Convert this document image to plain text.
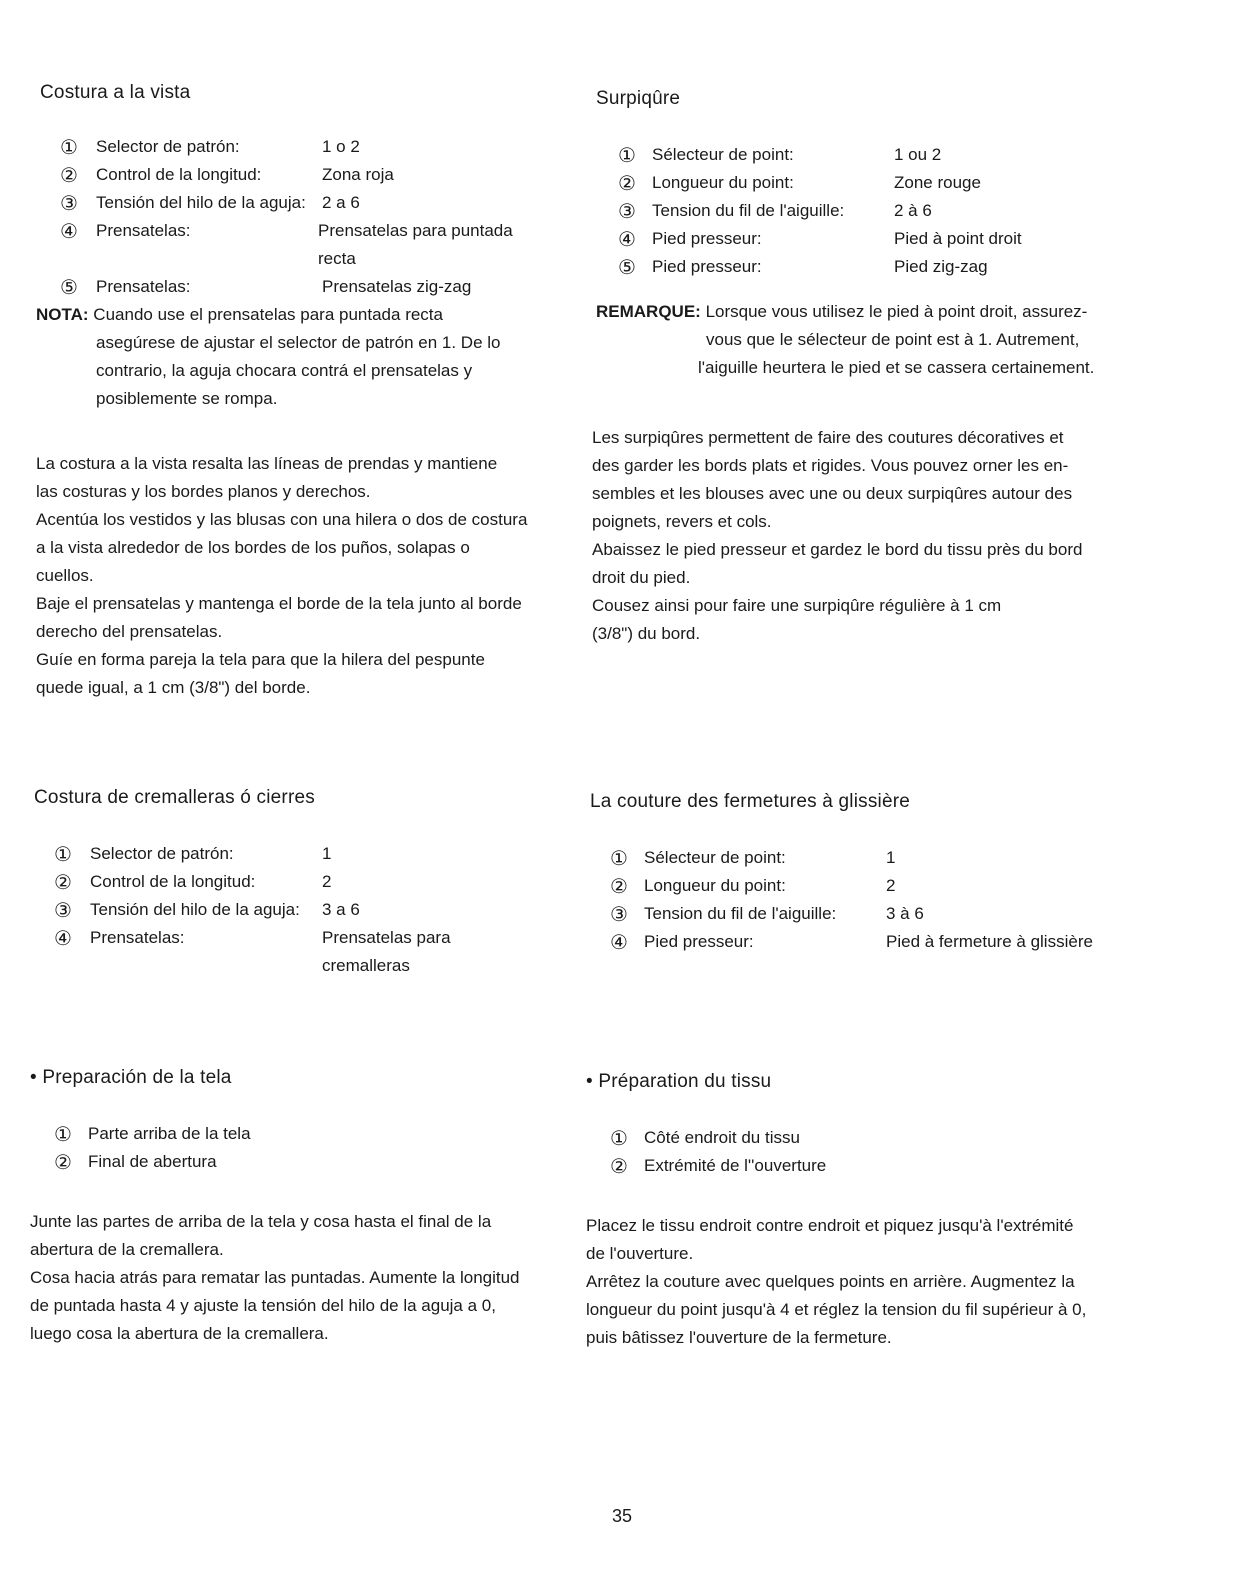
Costura a la vista
①	Selector de patrón:	1 o 2
②	Control de la longitud:	Zona roja
③	Tensión del hilo de la aguja: 2 a 6
④	Prensatelas:	Prensatelas para puntada
recta
⑤	Prensatelas:	Prensatelas zig-zag
NOTA: Cuando use el prensatelas para puntada recta
asegúrese de ajustar el selector de patrón en 1. De lo
contrario, la aguja chocara contrá el prensatelas y
posiblemente se rompa.

La costura a la vista resalta las líneas de prendas y mantiene

las costuras y los bordes planos y derechos.

Acentúa los vestidos y las blusas con una hilera o dos de costura

a la vista alrededor de los bordes de los puños, solapas o

cuellos.

Baje el prensatelas y mantenga el borde de la tela junto al borde

derecho del prensatelas.

Guíe en forma pareja la tela para que la hilera del pespunte

quede igual, a 1 cm (3/8") del borde.

Surpiqûre
① Sélecteur de point:	1 ou 2
② Longueur du point:	Zone rouge
③ Tension du fil de l'aiguille:	2 à 6
④ Pied presseur:	Pied à point droit
⑤ Pied presseur:	Pied zig-zag
REMARQUE: Lorsque vous utilisez le pied à point droit, assurez-
vous que le sélecteur de point est à 1. Autrement,
l'aiguille heurtera le pied et se cassera certainement.

Les surpiqûres permettent de faire des coutures décoratives et

des garder les bords plats et rigides. Vous pouvez orner les en-

sembles et les blouses avec une ou deux surpiqûres autour des

poignets, revers et cols.

Abaissez le pied presseur et gardez le bord du tissu près du bord

droit du pied.

Cousez ainsi pour faire une surpiqûre régulière à 1 cm

(3/8") du bord.

Costura de cremalleras ó cierres
①	Selector de patrón:	1
②	Control de la longitud:	2
③	Tensión del hilo de la aguja:	3 a 6
④	Prensatelas:	Prensatelas para
cremalleras
La couture des fermetures à glissière
① Sélecteur de point:	1
② Longueur du point:	2
③ Tension du fil de l'aiguille:	3 à 6
④ Pied presseur:	Pied à fermeture à glissière
• Preparación de la tela
① Parte arriba de la tela
② Final de abertura

Junte las partes de arriba de la tela y cosa hasta el final de la

abertura de la cremallera.

Cosa hacia atrás para rematar las puntadas. Aumente la longitud

de puntada hasta 4 y ajuste la tensión del hilo de la aguja a 0,

luego cosa la abertura de la cremallera.

• Préparation du tissu
① Côté endroit du tissu
② Extrémité de l''ouverture

Placez le tissu endroit contre endroit et piquez jusqu'à l'extrémité

de l'ouverture.

Arrêtez la couture avec quelques points en arrière. Augmentez la

longueur du point jusqu'à 4 et réglez la tension du fil supérieur à 0,

puis bâtissez l'ouverture de la fermeture.

35
